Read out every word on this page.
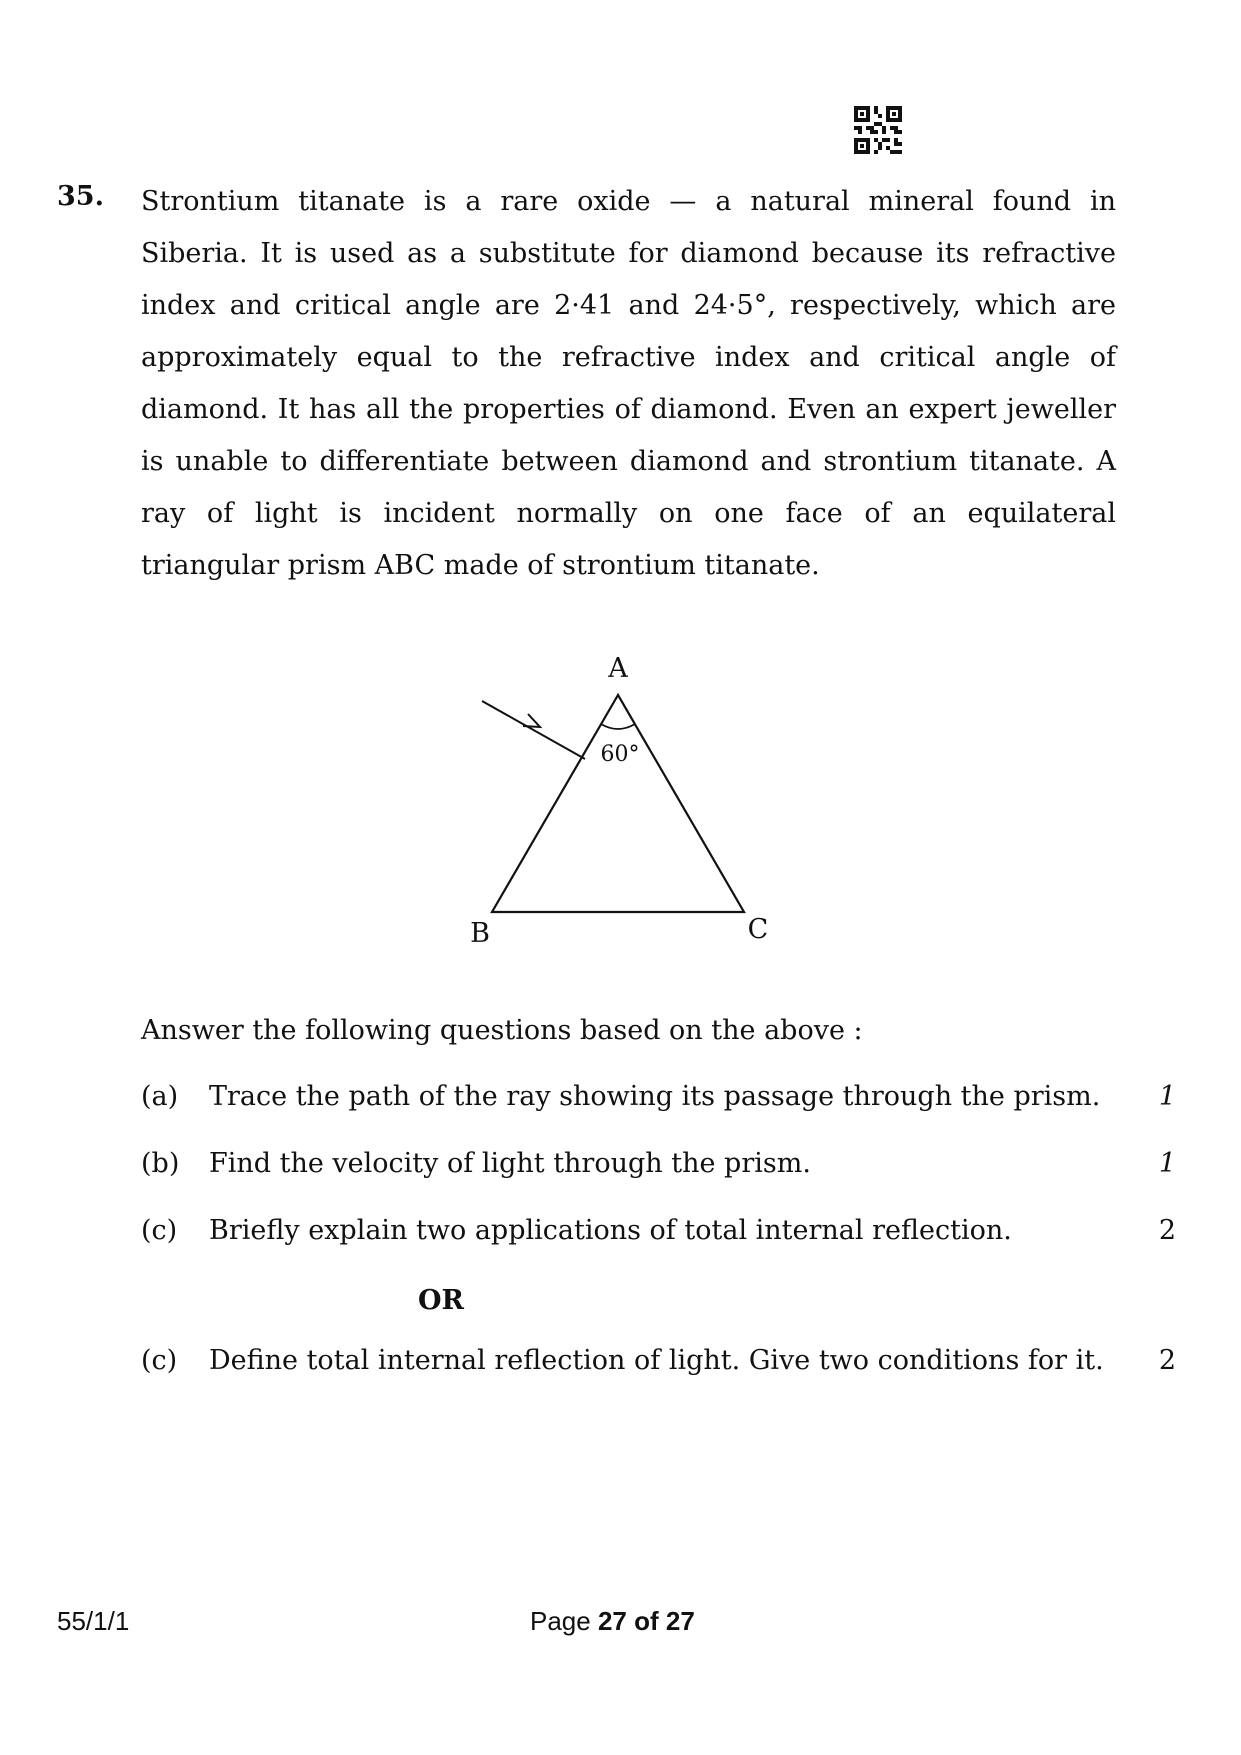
35. Strontium titanate is a rare oxide — a natural mineral found in Siberia. It is used as a substitute for diamond because its refractive index and critical angle are 2·41 and 24·5°, respectively, which are approximately equal to the refractive index and critical angle of diamond. It has all the properties of diamond. Even an expert jeweller is unable to differentiate between diamond and strontium titanate. A ray of light is incident normally on one face of an equilateral triangular prism ABC made of strontium titanate.

A
B	C
60°
Answer the following questions based on the above :
(a) Trace the path of the ray showing its passage through the prism. 1
(b) Find the velocity of light through the prism.	1
(c) Briefly explain two applications of total internal reflection.	2
OR
(c) Define total internal reflection of light. Give two conditions for it. 2
55/1/1	Page 27 of 27
